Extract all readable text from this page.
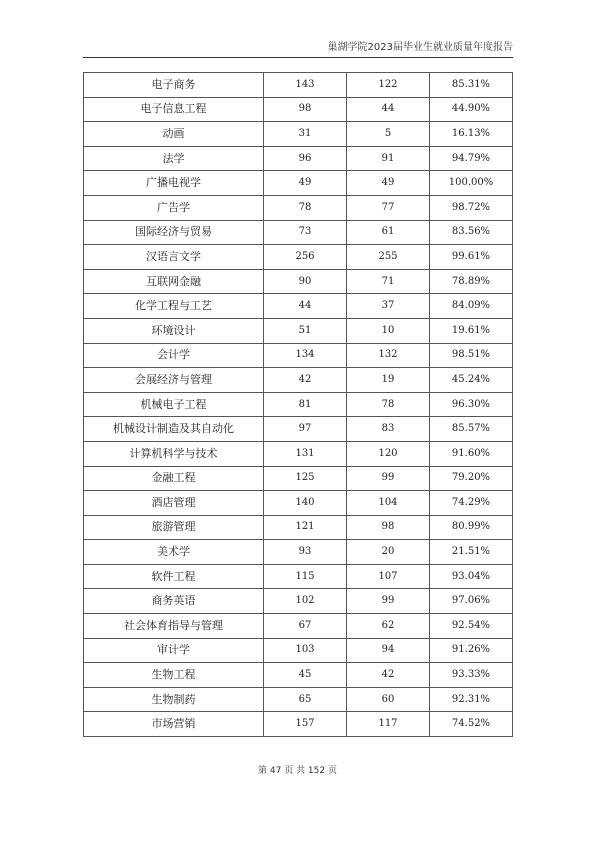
巢湖学院2023届毕业生就业质量年度报告
电子商务	143	122	85.31%
电子信息工程	98	44	44.90%
动画	31	5	16.13%
法学	96	91	94.79%
广播电视学	49	49	100.00%
广告学	78	77	98.72%
国际经济与贸易	73	61	83.56%
汉语言文学	256	255	99.61%
互联网金融	90	71	78.89%
化学工程与工艺	44	37	84.09%
环境设计	51	10	19.61%
会计学	134	132	98.51%
会展经济与管理	42	19	45.24%
机械电子工程	81	78	96.30%
机械设计制造及其自动化	97	83	85.57%
计算机科学与技术	131	120	91.60%
金融工程	125	99	79.20%
酒店管理	140	104	74.29%
旅游管理	121	98	80.99%
美术学	93	20	21.51%
软件工程	115	107	93.04%
商务英语	102	99	97.06%
社会体育指导与管理	67	62	92.54%
审计学	103	94	91.26%
生物工程	45	42	93.33%
生物制药	65	60	92.31%
市场营销	157	117	74.52%
第 47 页 共 152 页
